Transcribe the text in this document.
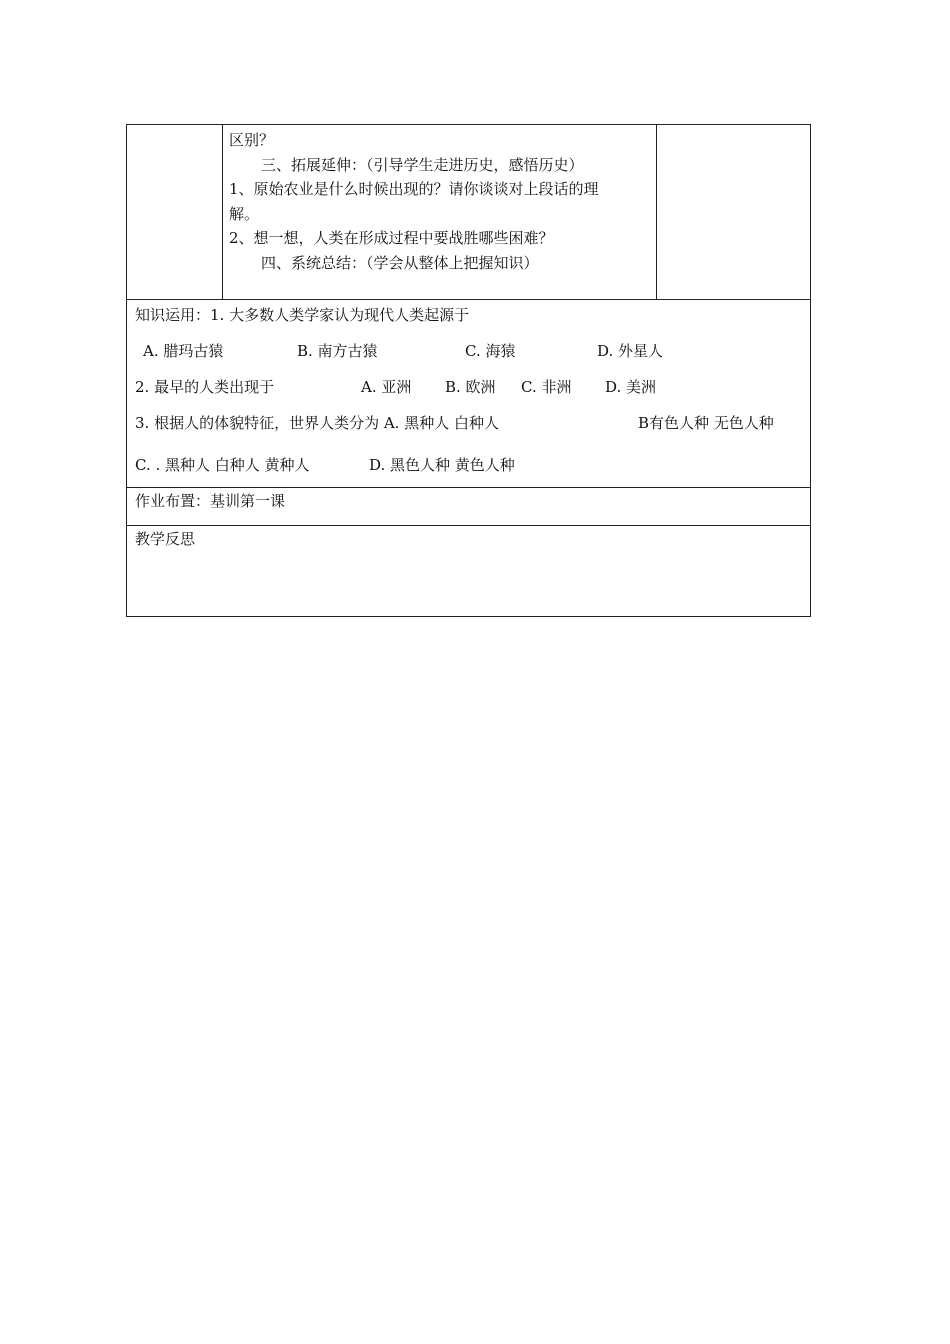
区别？
三、拓展延伸：（引导学生走进历史，感悟历史）
1、原始农业是什么时候出现的？请你谈谈对上段话的理
解。
2、想一想，人类在形成过程中要战胜哪些困难？
四、系统总结：（学会从整体上把握知识）
知识运用：1. 大多数人类学家认为现代人类起源于
A. 腊玛古猿	B. 南方古猿	C. 海猿	D. 外星人
2. 最早的人类出现于	A. 亚洲 B. 欧洲 C. 非洲 D. 美洲
3. 根据人的体貌特征，世界人类分为 A. 黑种人 白种人	B有色人种 无色人种
C. . 黑种人 白种人 黄种人	D. 黑色人种 黄色人种
作业布置：基训第一课
教学反思
